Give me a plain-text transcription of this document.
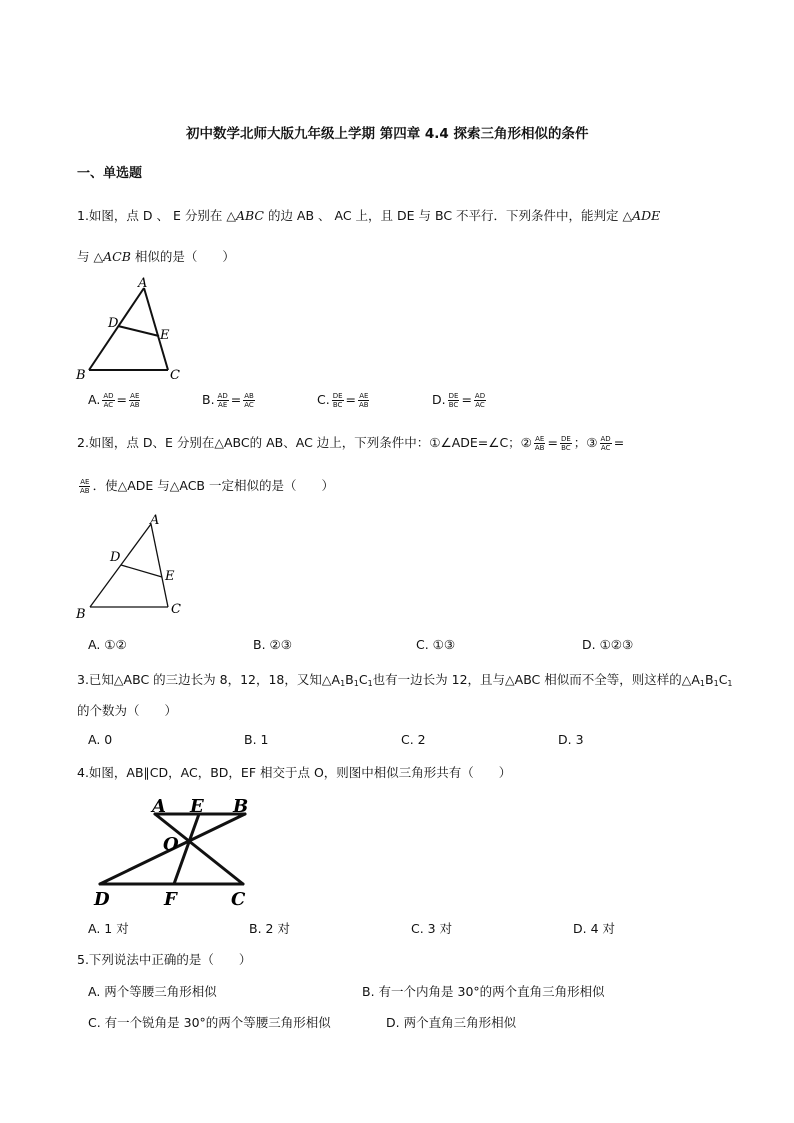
初中数学北师大版九年级上学期 第四章 4.4 探索三角形相似的条件
一、单选题
1.如图，点 D 、 E 分别在 △ABC 的边 AB 、 AC 上，且 DE 与 BC 不平行．下列条件中，能判定 △ADE
与 △ACB 相似的是（　　）
A
D
E
B	C
A. $\frac{AD}{AC} = \frac{AE}{AB}$	B. $\frac{AD}{AE} = \frac{AB}{AC}$	C. $\frac{DE}{BC} = \frac{AE}{AB}$	D. $\frac{DE}{BC} = \frac{AD}{AC}$
2.如图，点 D、E 分别在△ABC的 AB、AC 边上，下列条件中：①∠ADE=∠C；② $\frac{AE}{AB} = \frac{DE}{BC}$ ；③ $\frac{AD}{AC}$ =
$\frac{AE}{AB}$ ．使△ADE 与△ACB 一定相似的是（　　）
A
D
E
B	C
A. ①②	B. ②③	C. ①③	D. ①②③
3.已知△ABC 的三边长为 8，12，18，又知$\triangle A_1B_1C_1$也有一边长为 12，且与△ABC 相似而不全等，则这样的$\triangle A_1B_1C_1$
的个数为（　　）
A. 0	B. 1	C. 2	D. 3
4.如图，AB∥CD，AC，BD，EF 相交于点 O，则图中相似三角形共有（　　）
A E B
O
D	F	C
A. 1 对	B. 2 对	C. 3 对	D. 4 对
5.下列说法中正确的是（　　）
A. 两个等腰三角形相似	B. 有一个内角是 30°的两个直角三角形相似
C. 有一个锐角是 30°的两个等腰三角形相似	D. 两个直角三角形相似
